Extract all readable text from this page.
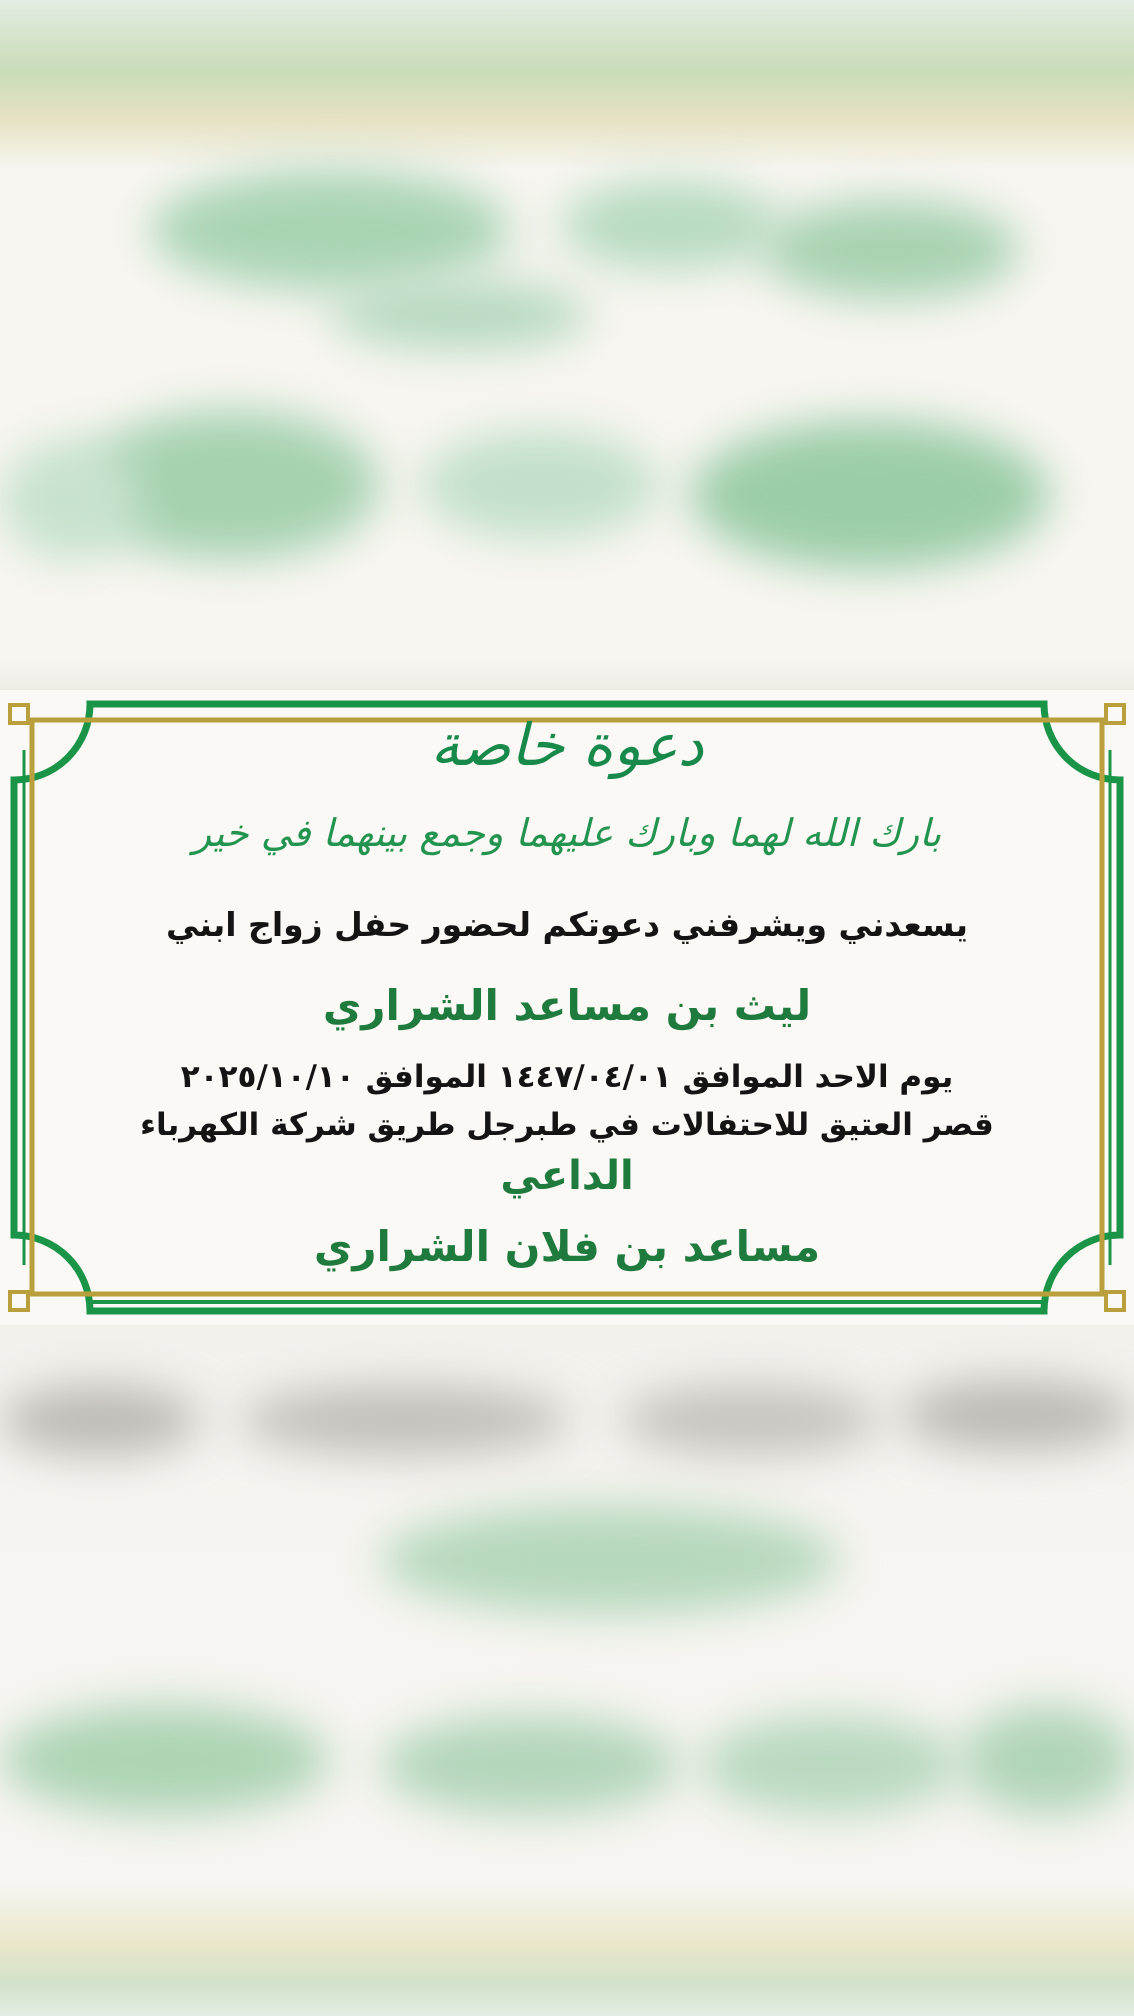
دعوة خاصة
بارك الله لهما وبارك عليهما وجمع بينهما في خير
يسعدني ويشرفني دعوتكم لحضور حفل زواج ابني
ليث بن مساعد الشراري
يوم الاحد الموافق ١٤٤٧/٠٤/٠١ الموافق ٢٠٢٥/١٠/١٠
قصر العتيق للاحتفالات في طبرجل طريق شركة الكهرباء
الداعي
مساعد بن فلان الشراري
